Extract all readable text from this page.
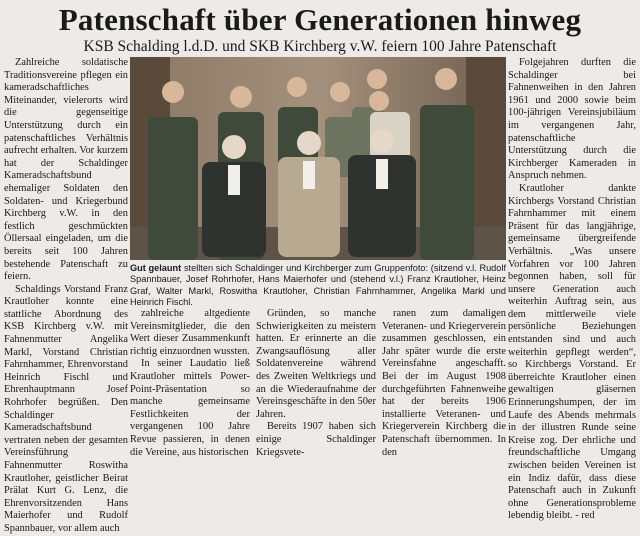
Patenschaft über Generationen hinweg
KSB Schalding l.d.D. und SKB Kirchberg v.W. feiern 100 Jahre Patenschaft

Zahlreiche soldatische Traditionsvereine pflegen ein kameradschaftliches Miteinander, vielerorts wird die gegenseitige Unterstützung durch ein patenschaftliches Verhältnis aufrecht erhalten. Vor kurzem hat der Schaldinger Kameradschaftsbund ehemaliger Soldaten den Soldaten- und Kriegerbund Kirchberg v.W. in den festlich geschmückten Öllersaal eingeladen, um die bereits seit 100 Jahren bestehende Patenschaft zu feiern.

Schaldings Vorstand Franz Krautloher konnte eine stattliche Abordnung des KSB Kirchberg v.W. mit Fahnenmutter Angelika Markl, Vorstand Christian Fahrnhammer, Ehrenvorstand Heinrich Fischl und Ehrenhauptmann Josef Rohrhofer begrüßen. Den Schaldinger Kameradschaftsbund vertraten neben der gesamten Vereinsführung Fahnenmutter Roswitha Krautloher, geistlicher Beirat Prälat Kurt G. Lenz, die Ehrenvorsitzenden Hans Maierhofer und Rudolf Spannbauer, vor allem auch

Gut gelaunt stellten sich Schaldinger und Kirchberger zum Gruppenfoto: (sitzend v.l. Rudolf Spannbauer, Josef Rohrhofer, Hans Maierhofer und (stehend v.l.) Franz Krautloher, Heinz Graf, Walter Markl, Roswitha Krautloher, Christian Fahrnhammer, Angelika Markl und Heinrich Fischl.

zahlreiche altgediente Vereinsmitglieder, die den Wert dieser Zusammenkunft richtig einzuordnen wussten.

In seiner Laudatio ließ Krautloher mittels Power-Point-Präsentation so manche gemeinsame Festlichkeiten der vergangenen 100 Jahre Revue passieren, in denen die Vereine, aus historischen

Gründen, so manche Schwierigkeiten zu meistern hatten. Er erinnerte an die Zwangsauflösung aller Soldatenvereine während des Zweiten Weltkriegs und an die Wiederaufnahme der Vereinsgeschäfte in den 50er Jahren.

Bereits 1907 haben sich einige Schaldinger Kriegsvete-

ranen zum damaligen Veteranen- und Kriegerverein zusammen geschlossen, ein Jahr später wurde die erste Vereinsfahne angeschafft. Bei der im August 1908 durchgeführten Fahnenweihe hat der bereits 1906 installierte Veteranen- und Kriegerverein Kirchberg die Patenschaft übernommen. In den

Folgejahren durften die Schaldinger bei Fahnenweihen in den Jahren 1961 und 2000 sowie beim 100-jährigen Vereinsjubiläum im vergangenen Jahr, patenschaftliche Unterstützung durch die Kirchberger Kameraden in Anspruch nehmen.

Krautloher dankte Kirchbergs Vorstand Christian Fahrnhammer mit einem Präsent für das langjährige, gemeinsame übergreifende Verhältnis. „Was unsere Vorfahren vor 100 Jahren begonnen haben, soll für unsere Generation auch weiterhin Auftrag sein, aus dem mittlerweile viele persönliche Beziehungen entstanden sind und auch weiterhin gepflegt werden“, so Kirchbergs Vorstand. Er überreichte Krautloher einen gewaltigen gläsernen Erinnerungshumpen, der im Laufe des Abends mehrmals in der illustren Runde seine Kreise zog. Der ehrliche und freundschaftliche Umgang zwischen beiden Vereinen ist ein Indiz dafür, dass diese Patenschaft auch in Zukunft ohne Generationsprobleme lebendig bleibt. - red
